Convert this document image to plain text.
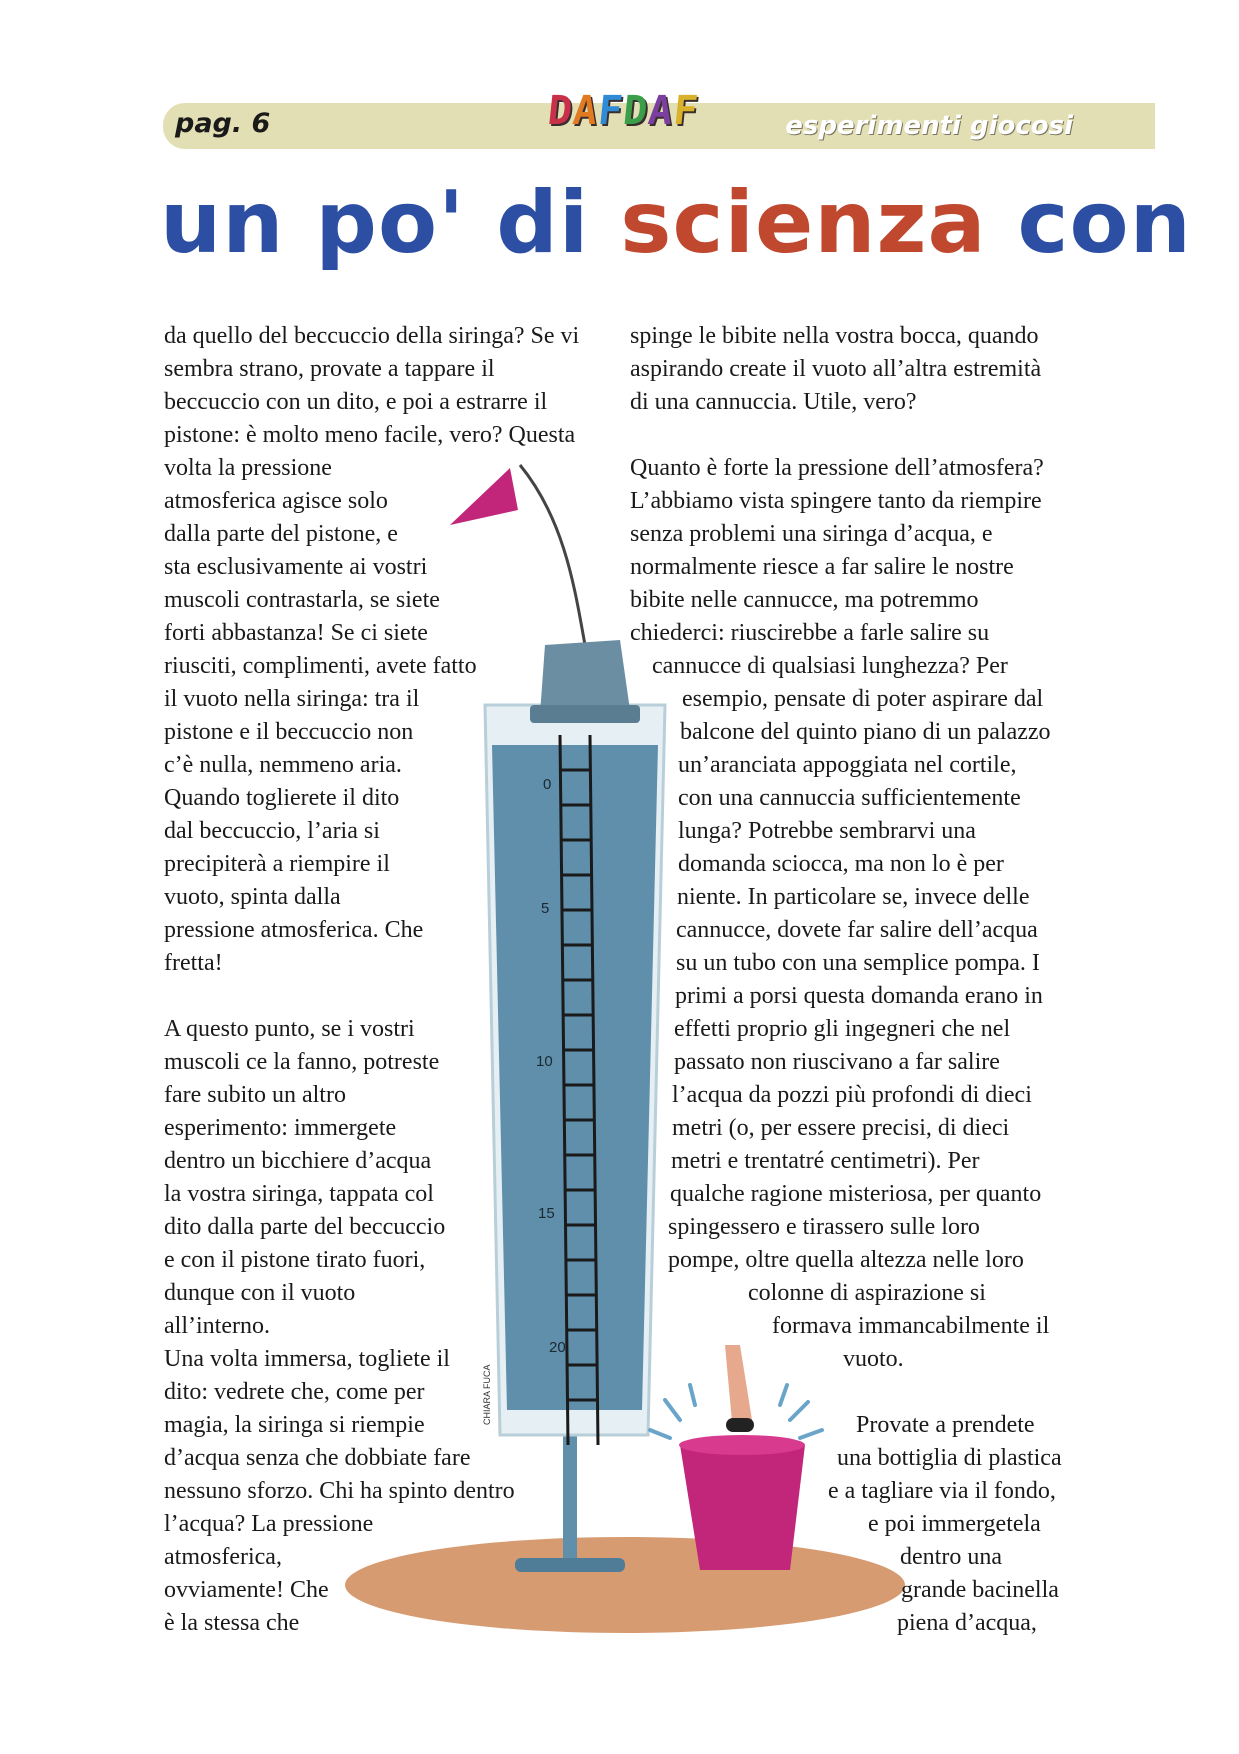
pag. 6	DAFDAF	esperimenti giocosi
un po' di scienza con
0
5
10
15
20
CHIARA FUCA
da quello del beccuccio della siringa? Se vi
sembra strano, provate a tappare il
beccuccio con un dito, e poi a estrarre il
pistone: è molto meno facile, vero? Questa
volta la pressione
atmosferica agisce solo
dalla parte del pistone, e
sta esclusivamente ai vostri
muscoli contrastarla, se siete
forti abbastanza! Se ci siete
riusciti, complimenti, avete fatto
il vuoto nella siringa: tra il
pistone e il beccuccio non
c’è nulla, nemmeno aria.
Quando toglierete il dito
dal beccuccio, l’aria si
precipiterà a riempire il
vuoto, spinta dalla
pressione atmosferica. Che
fretta!
A questo punto, se i vostri
muscoli ce la fanno, potreste
fare subito un altro
esperimento: immergete
dentro un bicchiere d’acqua
la vostra siringa, tappata col
dito dalla parte del beccuccio
e con il pistone tirato fuori,
dunque con il vuoto
all’interno.
Una volta immersa, togliete il
dito: vedrete che, come per
magia, la siringa si riempie
d’acqua senza che dobbiate fare
nessuno sforzo. Chi ha spinto dentro
l’acqua? La pressione
atmosferica,
ovviamente! Che
è la stessa che
spinge le bibite nella vostra bocca, quando
aspirando create il vuoto all’altra estremità
di una cannuccia. Utile, vero?
Quanto è forte la pressione dell’atmosfera?
L’abbiamo vista spingere tanto da riempire
senza problemi una siringa d’acqua, e
normalmente riesce a far salire le nostre
bibite nelle cannucce, ma potremmo
chiederci: riuscirebbe a farle salire su
cannucce di qualsiasi lunghezza? Per
esempio, pensate di poter aspirare dal
balcone del quinto piano di un palazzo
un’aranciata appoggiata nel cortile,
con una cannuccia sufficientemente
lunga? Potrebbe sembrarvi una
domanda sciocca, ma non lo è per
niente. In particolare se, invece delle
cannucce, dovete far salire dell’acqua
su un tubo con una semplice pompa. I
primi a porsi questa domanda erano in
effetti proprio gli ingegneri che nel
passato non riuscivano a far salire
l’acqua da pozzi più profondi di dieci
metri (o, per essere precisi, di dieci
metri e trentatré centimetri). Per
qualche ragione misteriosa, per quanto
spingessero e tirassero sulle loro
pompe, oltre quella altezza nelle loro
colonne di aspirazione si
formava immancabilmente il
vuoto.
Provate a prendete
una bottiglia di plastica
e a tagliare via il fondo,
e poi immergetela
dentro una
grande bacinella
piena d’acqua,
